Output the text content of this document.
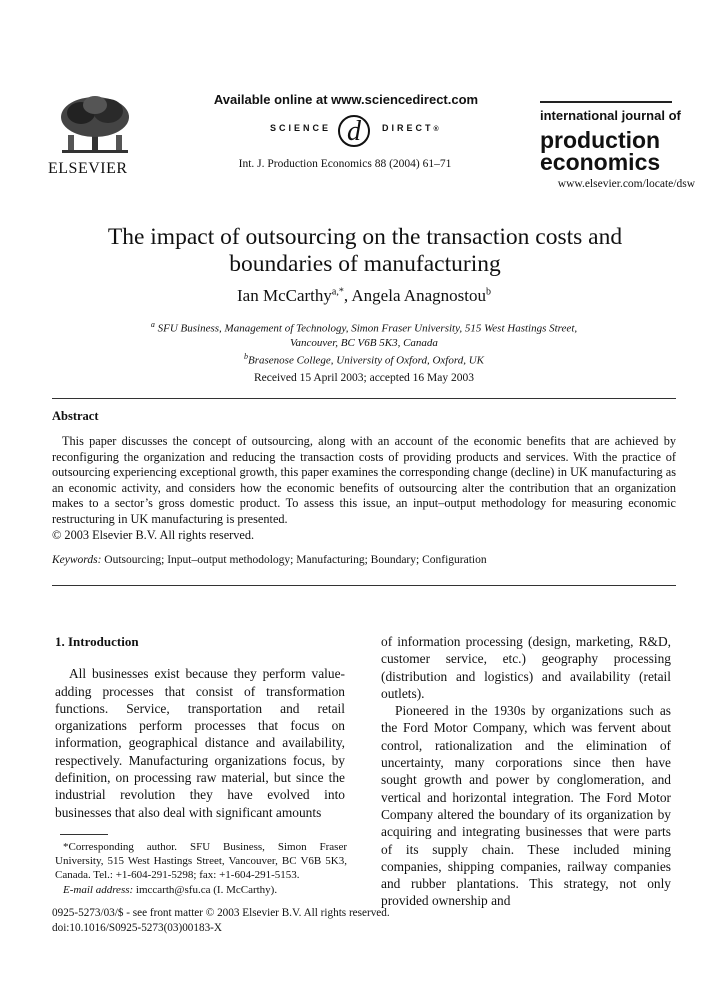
ELSEVIER
Available online at www.sciencedirect.com
SCIENCE d DIRECT®
Int. J. Production Economics 88 (2004) 61–71
international journal of
production
economics
www.elsevier.com/locate/dsw
The impact of outsourcing on the transaction costs and
boundaries of manufacturing
Ian McCarthy$^{a,*}$, Angela Anagnostou$^b$
$^a$ SFU Business, Management of Technology, Simon Fraser University, 515 West Hastings Street,
Vancouver, BC V6B 5K3, Canada
$^b$Brasenose College, University of Oxford, Oxford, UK
Received 15 April 2003; accepted 16 May 2003
Abstract

This paper discusses the concept of outsourcing, along with an account of the economic benefits that are achieved by reconfiguring the organization and reducing the transaction costs of providing products and services. With the practice of outsourcing experiencing exceptional growth, this paper examines the corresponding change (decline) in UK manufacturing as an economic activity, and considers how the economic benefits of outsourcing alter the contribution that an organization makes to a sector’s gross domestic product. To assess this issue, an input–output methodology for measuring economic restructuring in UK manufacturing is presented.

© 2003 Elsevier B.V. All rights reserved.

Keywords: Outsourcing; Input–output methodology; Manufacturing; Boundary; Configuration

1. Introduction

All businesses exist because they perform value-adding processes that consist of transformation functions. Service, transportation and retail organizations perform processes that focus on information, geographical distance and availability, respectively. Manufacturing organizations focus, by definition, on processing raw material, but since the industrial revolution they have evolved into businesses that also deal with significant amounts

of information processing (design, marketing, R&D, customer service, etc.) geography processing (distribution and logistics) and availability (retail outlets).

Pioneered in the 1930s by organizations such as the Ford Motor Company, which was fervent about control, rationalization and the elimination of uncertainty, many corporations since then have sought growth and power by conglomeration, and vertical and horizontal integration. The Ford Motor Company altered the boundary of its organization by acquiring and integrating businesses that were parts of its supply chain. These included mining companies, shipping companies, railway companies and rubber plantations. This strategy, not only provided ownership and

*Corresponding author. SFU Business, Simon Fraser University, 515 West Hastings Street, Vancouver, BC V6B 5K3, Canada. Tel.: +1-604-291-5298; fax: +1-604-291-5153.

E-mail address: imccarth@sfu.ca (I. McCarthy).

0925-5273/03/$ - see front matter © 2003 Elsevier B.V. All rights reserved.
doi:10.1016/S0925-5273(03)00183-X
